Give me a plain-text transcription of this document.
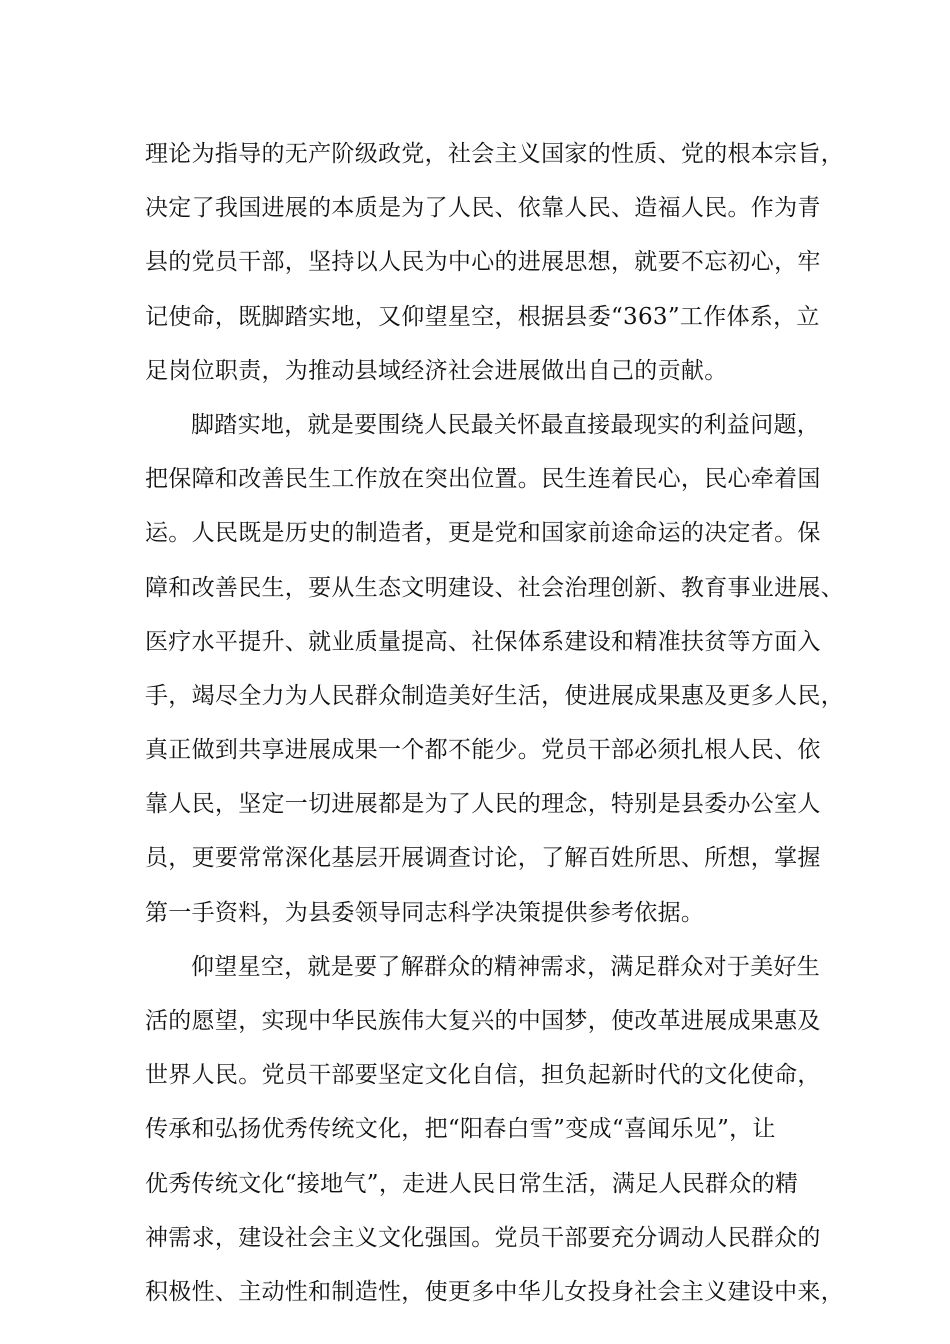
理论为指导的无产阶级政党，社会主义国家的性质、党的根本宗旨，
决定了我国进展的本质是为了人民、依靠人民、造福人民。作为青
县的党员干部，坚持以人民为中心的进展思想，就要不忘初心，牢
记使命，既脚踏实地，又仰望星空，根据县委“363”工作体系，立
足岗位职责，为推动县域经济社会进展做出自己的贡献。
脚踏实地，就是要围绕人民最关怀最直接最现实的利益问题，
把保障和改善民生工作放在突出位置。民生连着民心，民心牵着国
运。人民既是历史的制造者，更是党和国家前途命运的决定者。保
障和改善民生，要从生态文明建设、社会治理创新、教育事业进展、
医疗水平提升、就业质量提高、社保体系建设和精准扶贫等方面入
手，竭尽全力为人民群众制造美好生活，使进展成果惠及更多人民，
真正做到共享进展成果一个都不能少。党员干部必须扎根人民、依
靠人民，坚定一切进展都是为了人民的理念，特别是县委办公室人
员，更要常常深化基层开展调查讨论，了解百姓所思、所想，掌握
第一手资料，为县委领导同志科学决策提供参考依据。
仰望星空，就是要了解群众的精神需求，满足群众对于美好生
活的愿望，实现中华民族伟大复兴的中国梦，使改革进展成果惠及
世界人民。党员干部要坚定文化自信，担负起新时代的文化使命，
传承和弘扬优秀传统文化，把“阳春白雪”变成“喜闻乐见”，让
优秀传统文化“接地气”，走进人民日常生活，满足人民群众的精
神需求，建设社会主义文化强国。党员干部要充分调动人民群众的
积极性、主动性和制造性，使更多中华儿女投身社会主义建设中来，
